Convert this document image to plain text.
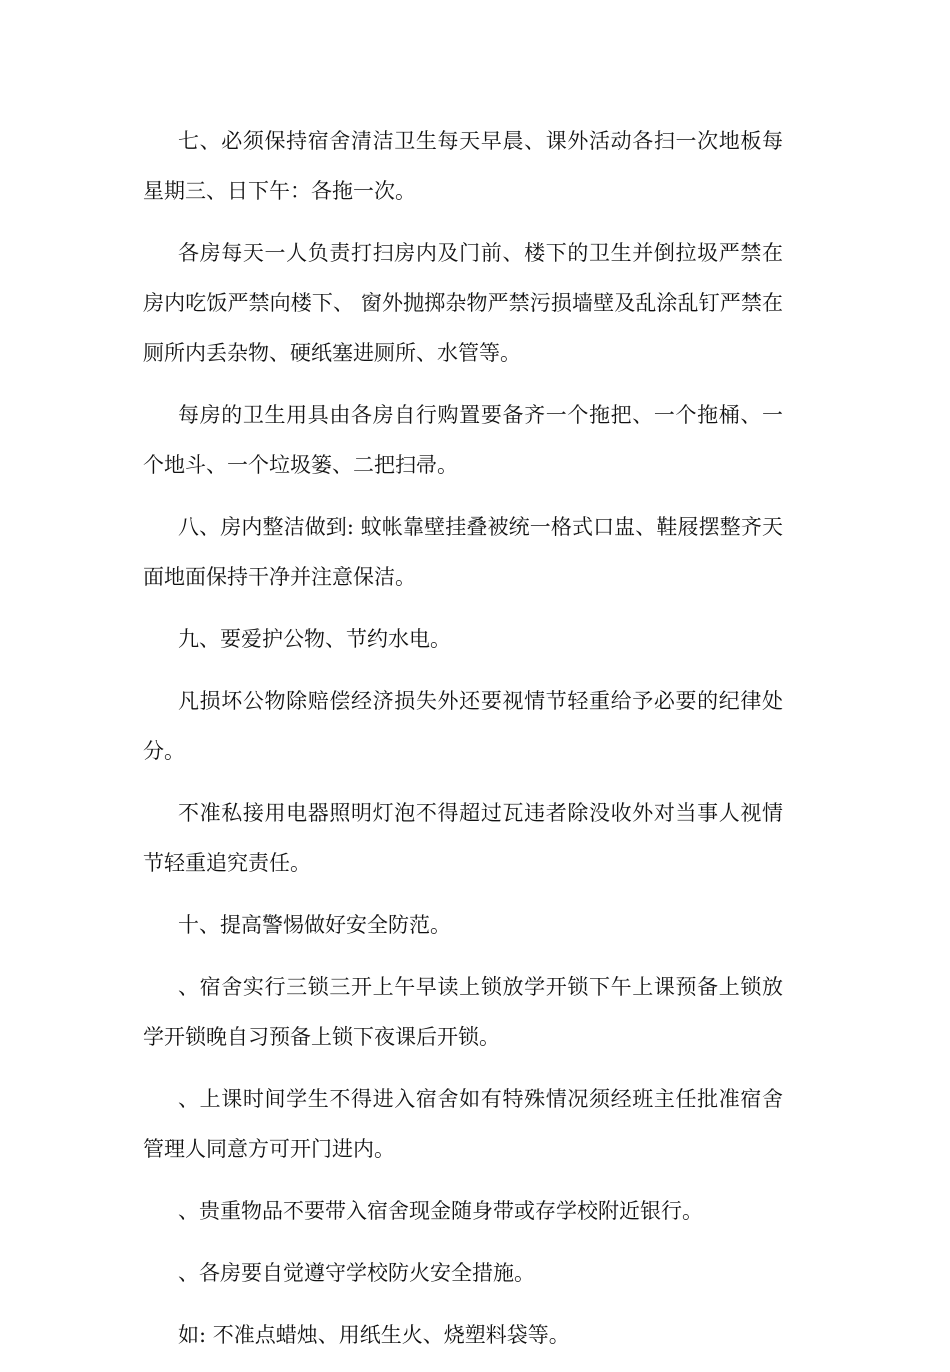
七、必须保持宿舍清洁卫生每天早晨、课外活动各扫一次地板每星期三、日下午：各拖一次。

各房每天一人负责打扫房内及门前、楼下的卫生并倒拉圾严禁在房内吃饭严禁向楼下、 窗外抛掷杂物严禁污损墙壁及乱涂乱钉严禁在厕所内丢杂物、硬纸塞进厕所、水管等。

每房的卫生用具由各房自行购置要备齐一个拖把、一个拖桶、一个地斗、一个垃圾篓、二把扫帚。

八、房内整洁做到: 蚊帐靠壁挂叠被统一格式口盅、鞋屐摆整齐天面地面保持干净并注意保洁。

九、要爱护公物、节约水电。

凡损坏公物除赔偿经济损失外还要视情节轻重给予必要的纪律处分。

不准私接用电器照明灯泡不得超过瓦违者除没收外对当事人视情节轻重追究责任。

十、提高警惕做好安全防范。

、宿舍实行三锁三开上午早读上锁放学开锁下午上课预备上锁放学开锁晚自习预备上锁下夜课后开锁。

、上课时间学生不得进入宿舍如有特殊情况须经班主任批准宿舍管理人同意方可开门进内。

、贵重物品不要带入宿舍现金随身带或存学校附近银行。

、各房要自觉遵守学校防火安全措施。

如: 不准点蜡烛、用纸生火、烧塑料袋等。
